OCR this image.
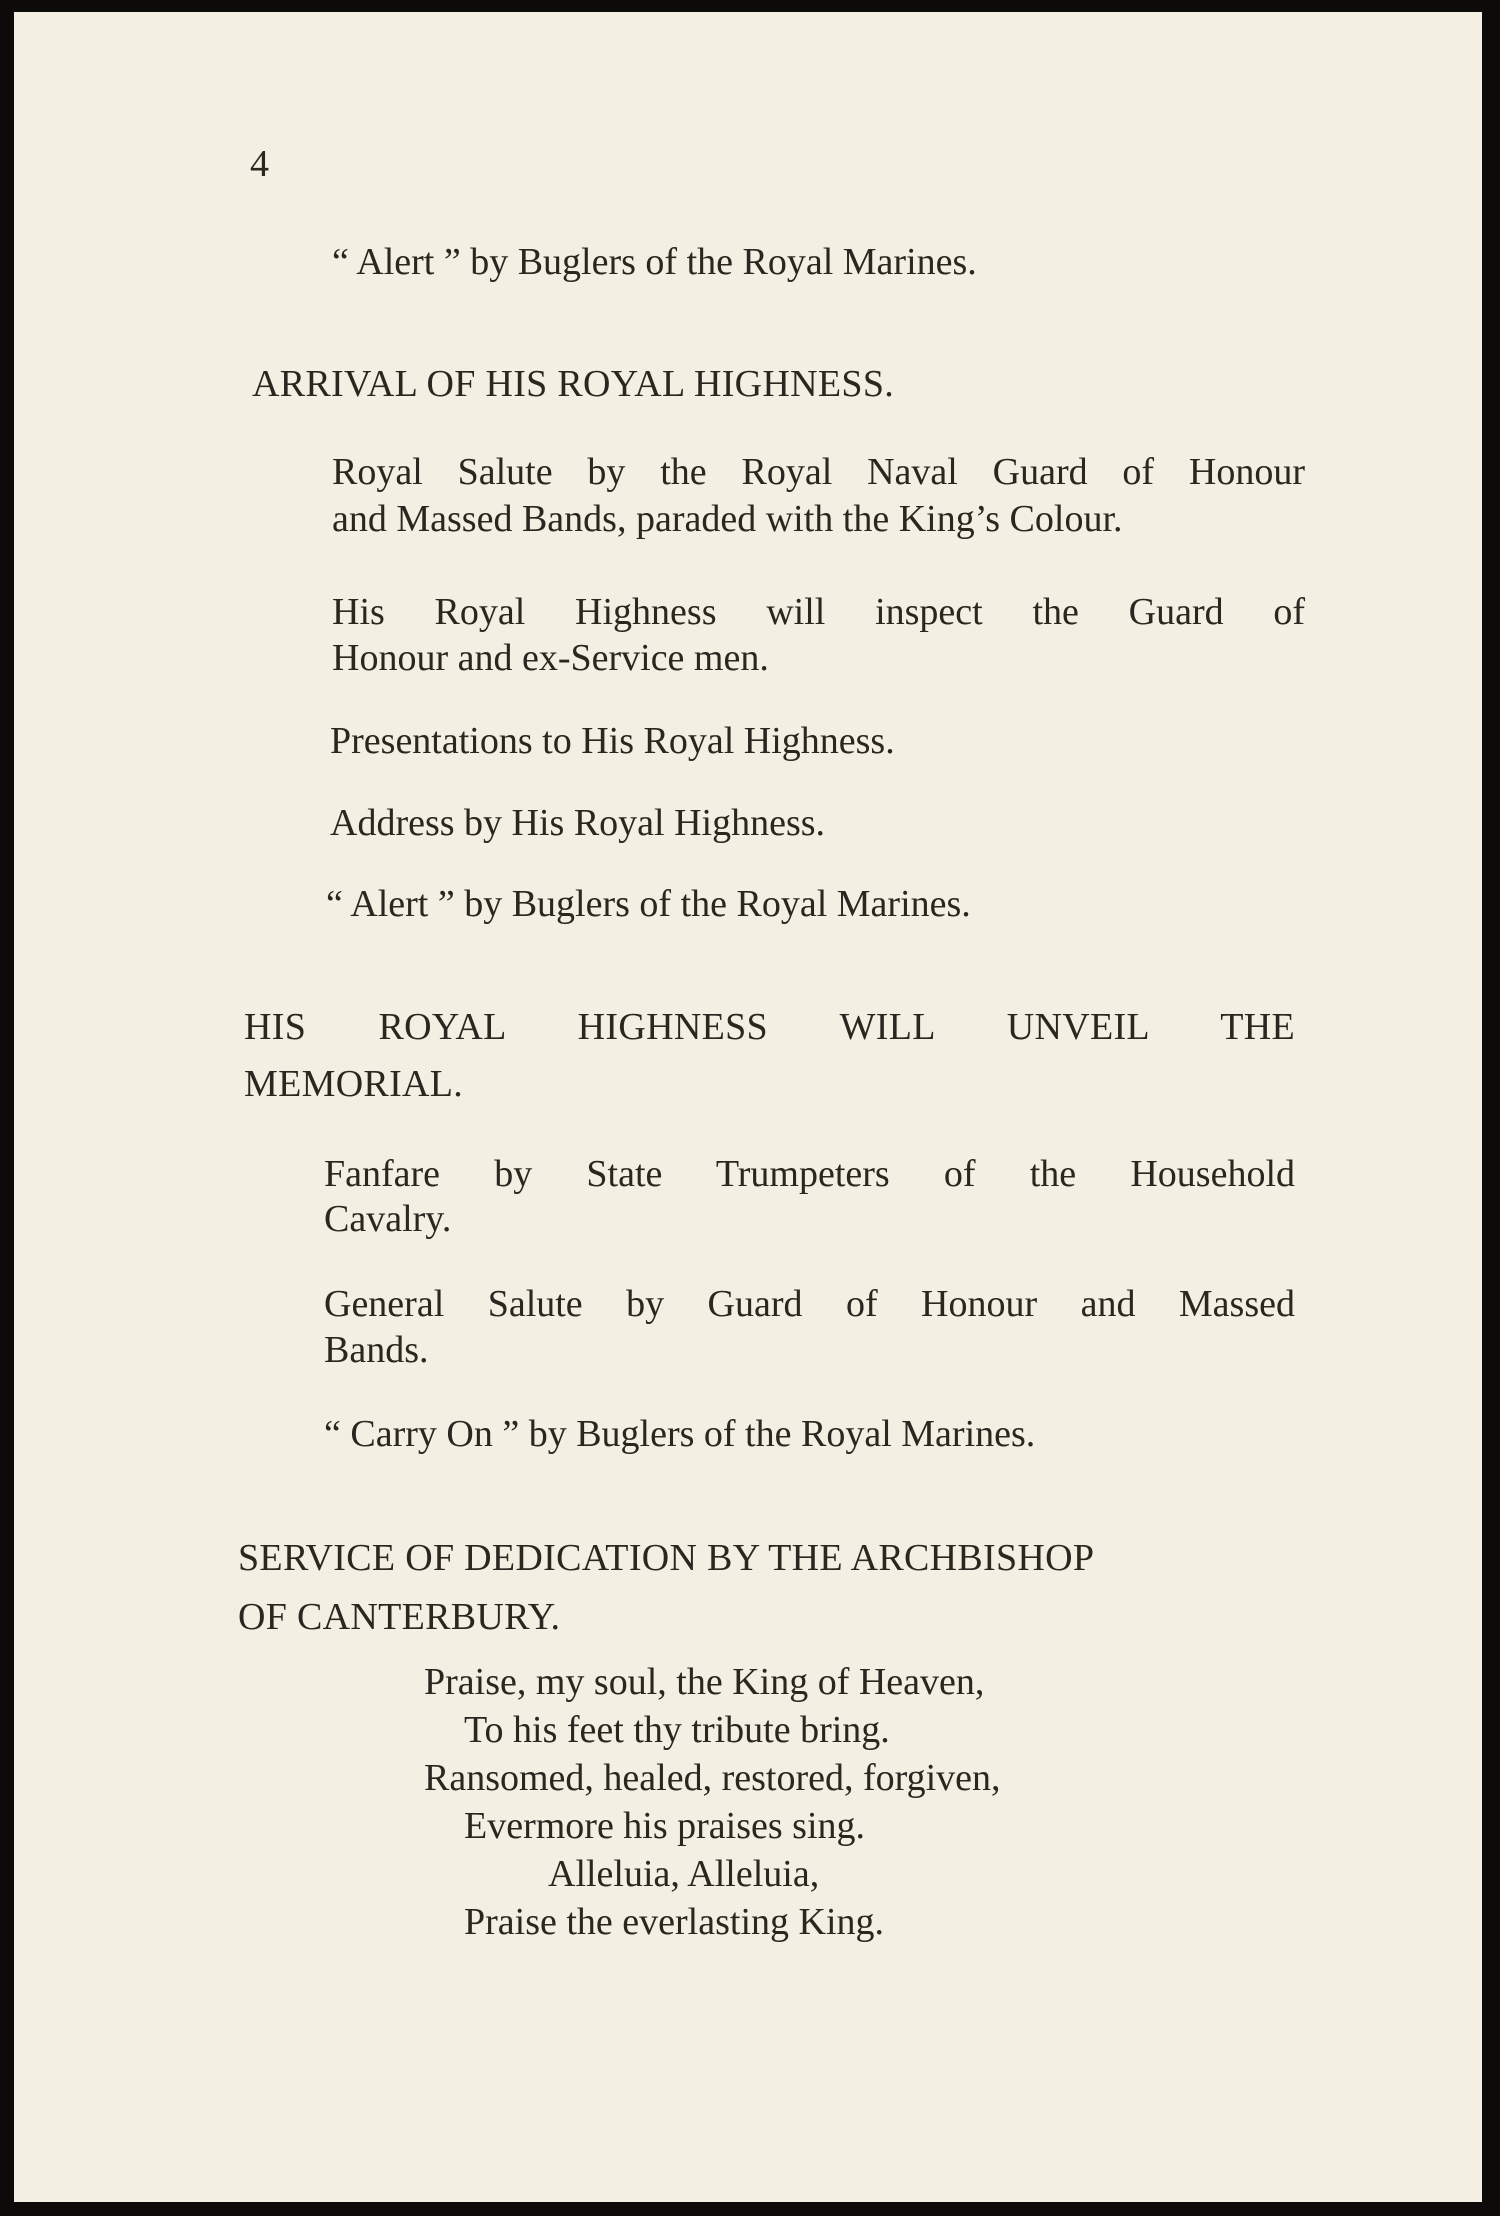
4

“ Alert ” by Buglers of the Royal Marines.

ARRIVAL OF HIS ROYAL HIGHNESS.

Royal Salute by the Royal Naval Guard of Honour

and Massed Bands, paraded with the King’s Colour.

His Royal Highness will inspect the Guard of

Honour and ex-Service men.

Presentations to His Royal Highness.

Address by His Royal Highness.

“ Alert ” by Buglers of the Royal Marines.

HIS ROYAL HIGHNESS WILL UNVEIL THE

MEMORIAL.

Fanfare by State Trumpeters of the Household

Cavalry.

General Salute by Guard of Honour and Massed

Bands.

“ Carry On ” by Buglers of the Royal Marines.

SERVICE OF DEDICATION BY THE ARCHBISHOP

OF CANTERBURY.

Praise, my soul, the King of Heaven,

To his feet thy tribute bring.

Ransomed, healed, restored, forgiven,

Evermore his praises sing.

Alleluia, Alleluia,

Praise the everlasting King.
